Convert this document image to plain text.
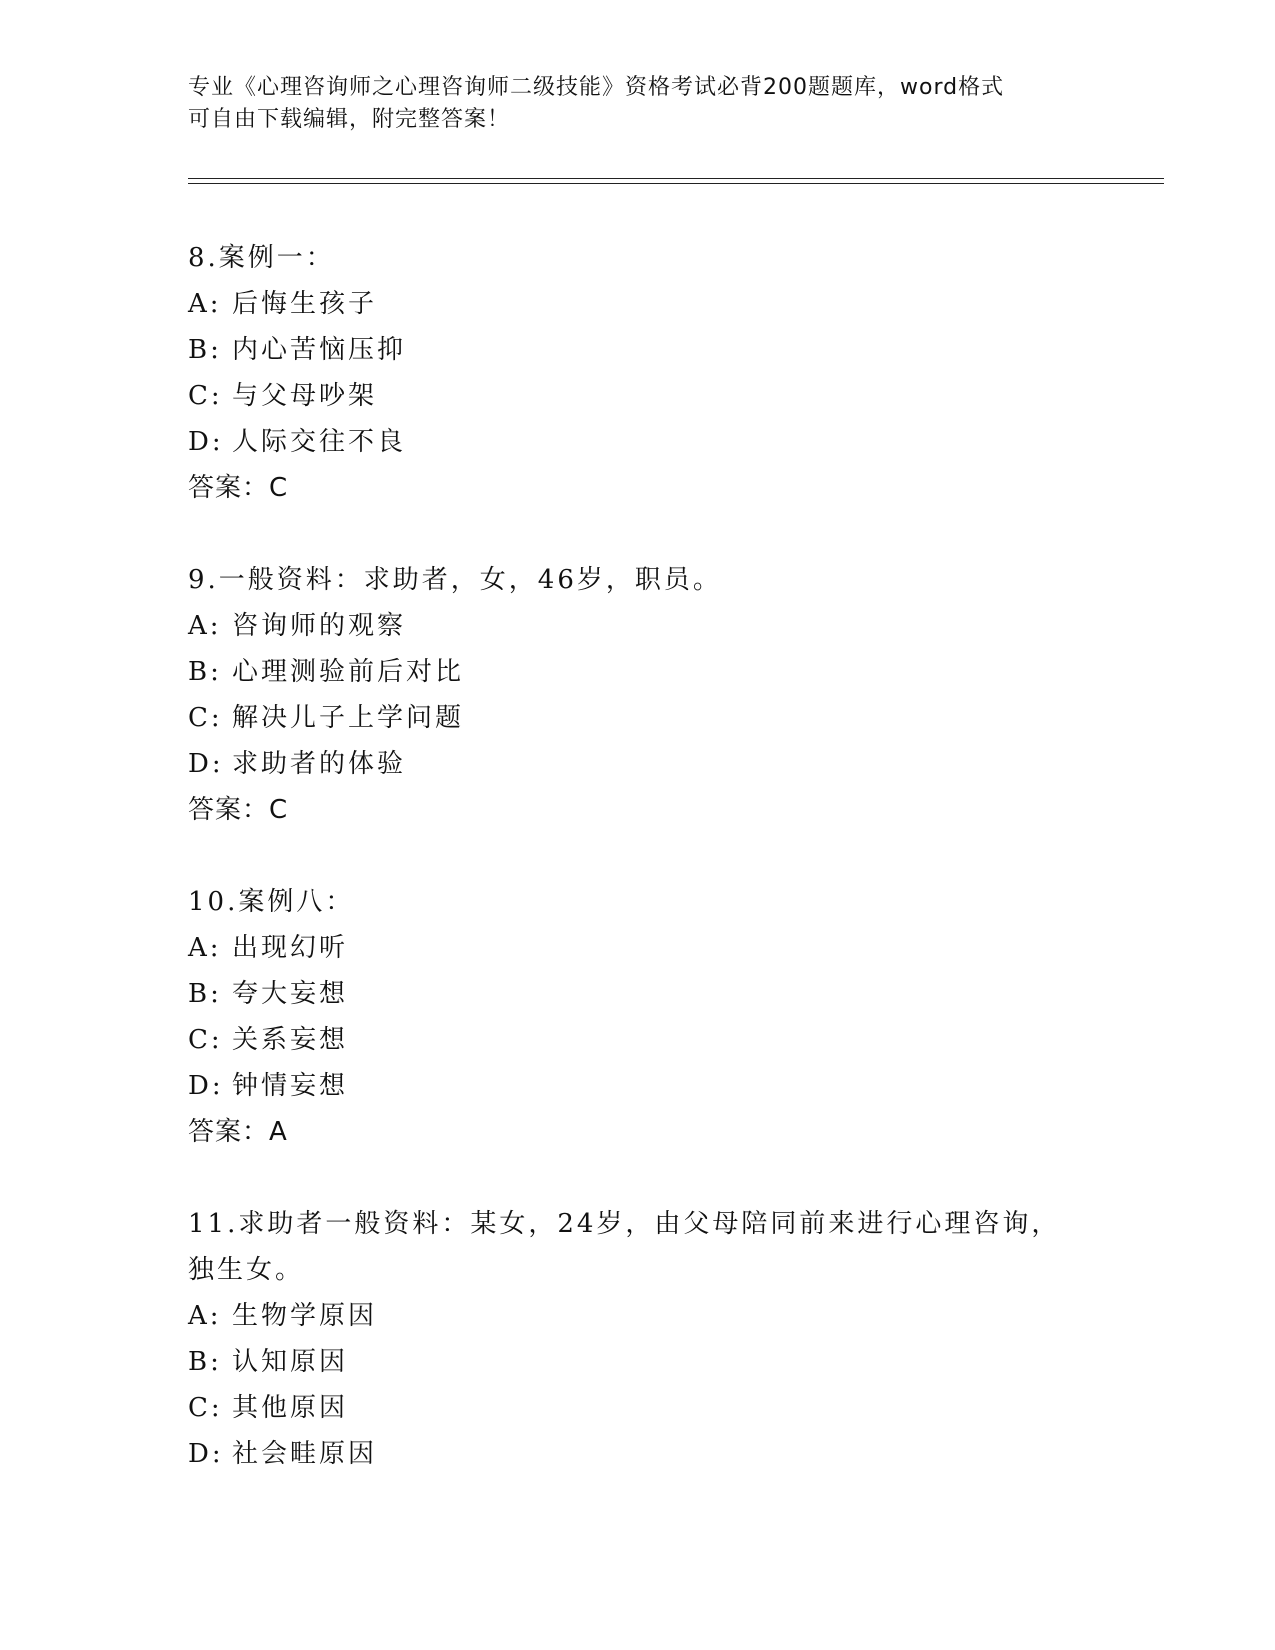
专业《心理咨询师之心理咨询师二级技能》资格考试必背200题题库，word格式
可自由下载编辑，附完整答案！
8.案例一：
A: 后悔生孩子
B: 内心苦恼压抑
C: 与父母吵架
D: 人际交往不良
答案：C
9.一般资料：求助者，女，46岁，职员。
A: 咨询师的观察
B: 心理测验前后对比
C: 解决儿子上学问题
D: 求助者的体验
答案：C
10.案例八：
A: 出现幻听
B: 夸大妄想
C: 关系妄想
D: 钟情妄想
答案：A
11.求助者一般资料：某女，24岁，由父母陪同前来进行心理咨询，独生女。
A: 生物学原因
B: 认知原因
C: 其他原因
D: 社会畦原因
